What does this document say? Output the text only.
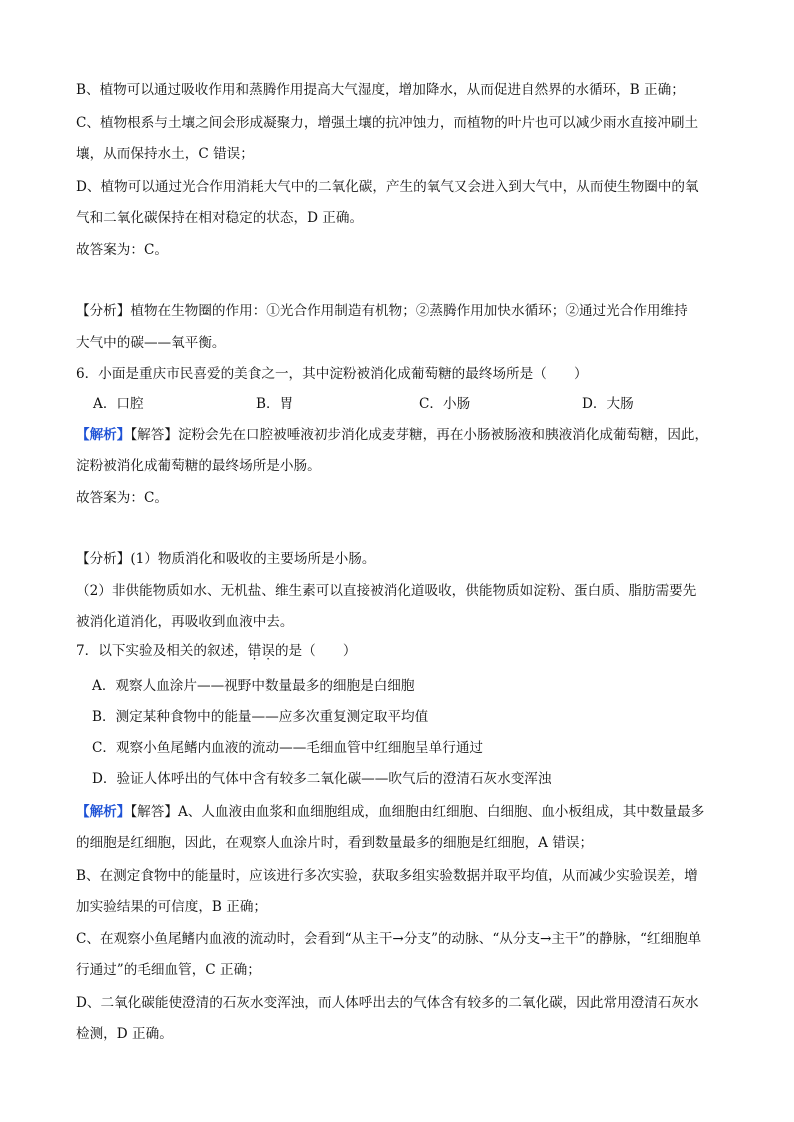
B、植物可以通过吸收作用和蒸腾作用提高大气湿度，增加降水，从而促进自然界的水循环，B 正确；
C、植物根系与土壤之间会形成凝聚力，增强土壤的抗冲蚀力，而植物的叶片也可以减少雨水直接冲刷土
壤，从而保持水土，C 错误；
D、植物可以通过光合作用消耗大气中的二氧化碳，产生的氧气又会进入到大气中，从而使生物圈中的氧
气和二氧化碳保持在相对稳定的状态，D 正确。
故答案为：C。
【分析】植物在生物圈的作用：①光合作用制造有机物；②蒸腾作用加快水循环；②通过光合作用维持
大气中的碳——氧平衡。
6．小面是重庆市民喜爱的美食之一，其中淀粉被消化成葡萄糖的最终场所是（　　）
A．口腔	B．胃	C．小肠	D．大肠
【解析】【解答】淀粉会先在口腔被唾液初步消化成麦芽糖，再在小肠被肠液和胰液消化成葡萄糖，因此，
淀粉被消化成葡萄糖的最终场所是小肠。
故答案为：C。
【分析】(1）物质消化和吸收的主要场所是小肠。
（2）非供能物质如水、无机盐、维生素可以直接被消化道吸收，供能物质如淀粉、蛋白质、脂肪需要先
被消化道消化，再吸收到血液中去。
7．以下实验及相关的叙述，错误的是（　　）
A．观察人血涂片——视野中数量最多的细胞是白细胞
B．测定某种食物中的能量——应多次重复测定取平均值
C．观察小鱼尾鳍内血液的流动——毛细血管中红细胞呈单行通过
D．验证人体呼出的气体中含有较多二氧化碳——吹气后的澄清石灰水变浑浊
【解析】【解答】A、人血液由血浆和血细胞组成，血细胞由红细胞、白细胞、血小板组成，其中数量最多
的细胞是红细胞，因此，在观察人血涂片时，看到数量最多的细胞是红细胞，A 错误；
B、在测定食物中的能量时，应该进行多次实验，获取多组实验数据并取平均值，从而减少实验误差，增
加实验结果的可信度，B 正确；
C、在观察小鱼尾鳍内血液的流动时，会看到“从主干→分支”的动脉、“从分支→主干”的静脉，“红细胞单
行通过”的毛细血管，C 正确；
D、二氧化碳能使澄清的石灰水变浑浊，而人体呼出去的气体含有较多的二氧化碳，因此常用澄清石灰水
检测，D 正确。
